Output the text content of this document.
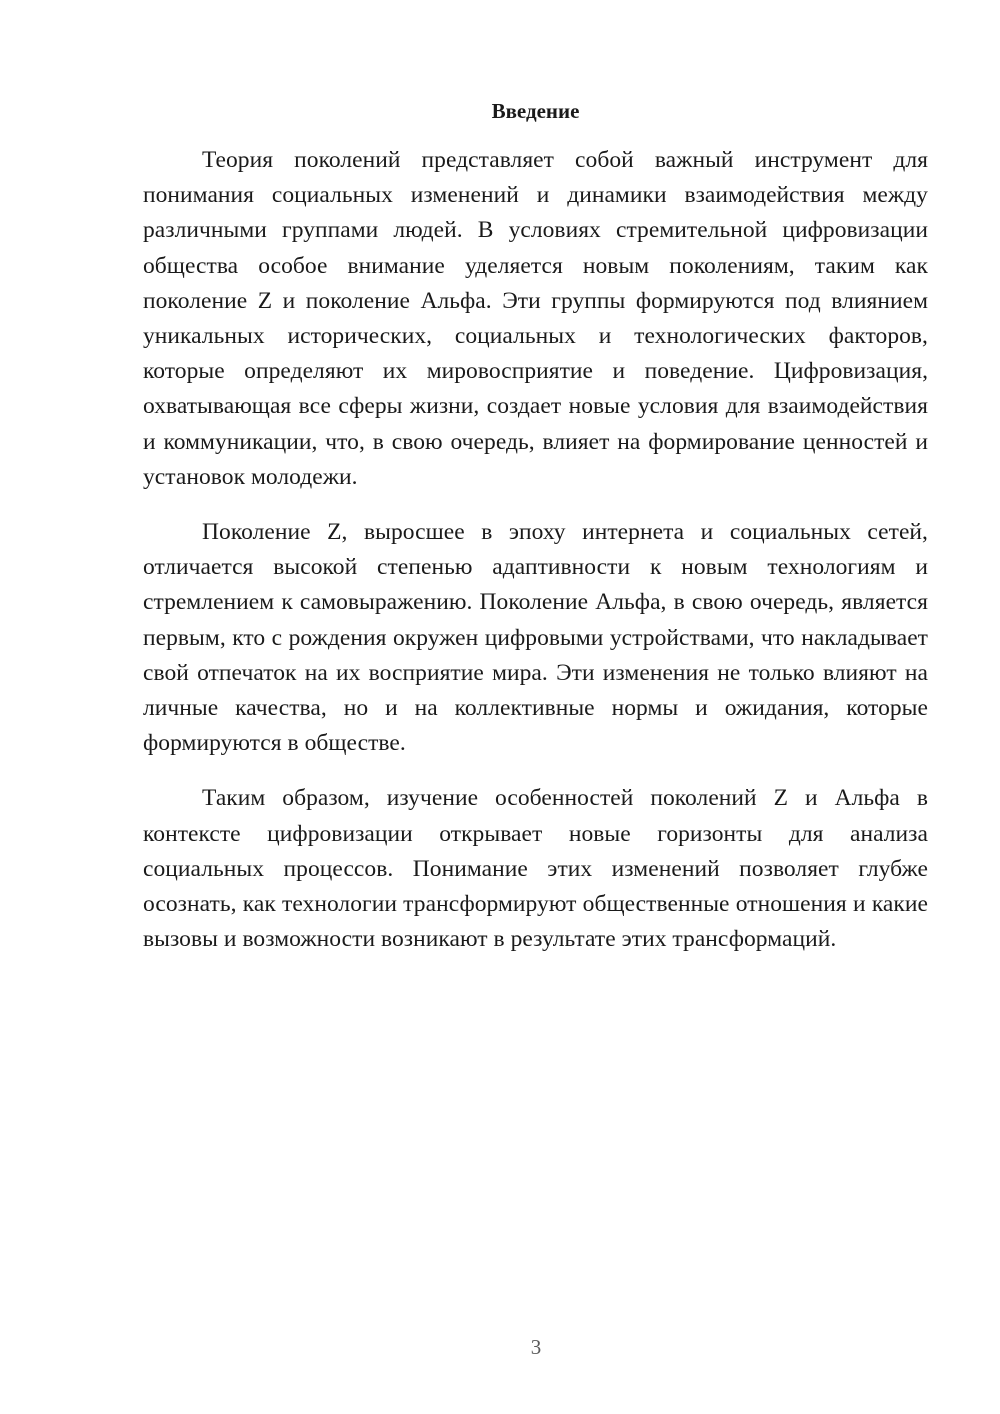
Введение

Теория поколений представляет собой важный инструмент для понимания социальных изменений и динамики взаимодействия между различными группами людей. В условиях стремительной цифровизации общества особое внимание уделяется новым поколениям, таким как поколение Z и поколение Альфа. Эти группы формируются под влиянием уникальных исторических, социальных и технологических факторов, которые определяют их мировосприятие и поведение. Цифровизация, охватывающая все сферы жизни, создает новые условия для взаимодействия и коммуникации, что, в свою очередь, влияет на формирование ценностей и установок молодежи.

Поколение Z, выросшее в эпоху интернета и социальных сетей, отличается высокой степенью адаптивности к новым технологиям и стремлением к самовыражению. Поколение Альфа, в свою очередь, является первым, кто с рождения окружен цифровыми устройствами, что накладывает свой отпечаток на их восприятие мира. Эти изменения не только влияют на личные качества, но и на коллективные нормы и ожидания, которые формируются в обществе.

Таким образом, изучение особенностей поколений Z и Альфа в контексте цифровизации открывает новые горизонты для анализа социальных процессов. Понимание этих изменений позволяет глубже осознать, как технологии трансформируют общественные отношения и какие вызовы и возможности возникают в результате этих трансформаций.

3
